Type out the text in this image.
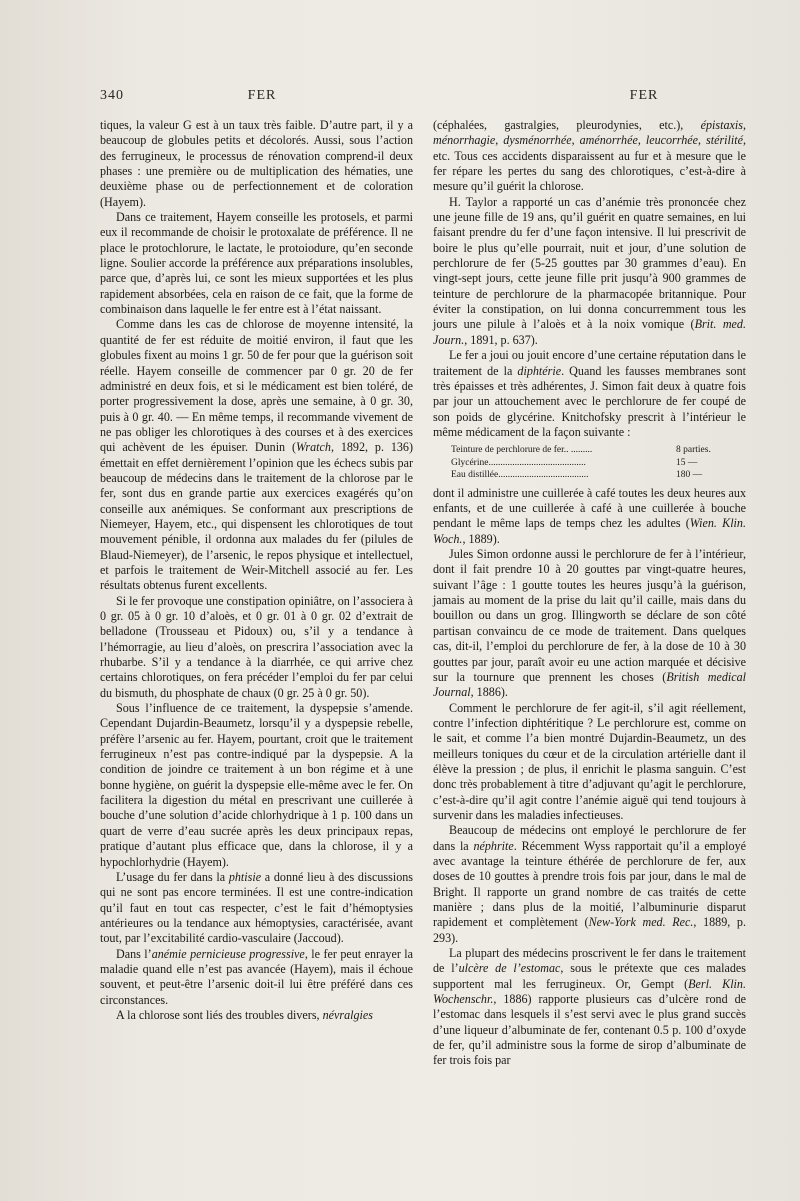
340	FER	FER

tiques, la valeur G est à un taux très faible. D’autre part, il y a beaucoup de globules petits et décolorés. Aussi, sous l’action des ferrugineux, le processus de rénovation comprend-il deux phases : une première ou de multiplication des hématies, une deuxième phase ou de perfectionnement et de coloration (Hayem).

Dans ce traitement, Hayem conseille les protosels, et parmi eux il recommande de choisir le protoxalate de préférence. Il ne place le protochlorure, le lactate, le protoiodure, qu’en seconde ligne. Soulier accorde la préférence aux préparations insolubles, parce que, d’après lui, ce sont les mieux supportées et les plus rapidement absorbées, cela en raison de ce fait, que la forme de combinaison dans laquelle le fer entre est à l’état naissant.

Comme dans les cas de chlorose de moyenne intensité, la quantité de fer est réduite de moitié environ, il faut que les globules fixent au moins 1 gr. 50 de fer pour que la guérison soit réelle. Hayem conseille de commencer par 0 gr. 20 de fer administré en deux fois, et si le médicament est bien toléré, de porter progressivement la dose, après une semaine, à 0 gr. 30, puis à 0 gr. 40. — En même temps, il recommande vivement de ne pas obliger les chlorotiques à des courses et à des exercices qui achèvent de les épuiser. Dunin (Wratch, 1892, p. 136) émettait en effet dernièrement l’opinion que les échecs subis par beaucoup de médecins dans le traitement de la chlorose par le fer, sont dus en grande partie aux exercices exagérés qu’on conseille aux anémiques. Se conformant aux prescriptions de Niemeyer, Hayem, etc., qui dispensent les chlorotiques de tout mouvement pénible, il ordonna aux malades du fer (pilules de Blaud-Niemeyer), de l’arsenic, le repos physique et intellectuel, et parfois le traitement de Weir-Mitchell associé au fer. Les résultats obtenus furent excellents.

Si le fer provoque une constipation opiniâtre, on l’associera à 0 gr. 05 à 0 gr. 10 d’aloès, et 0 gr. 01 à 0 gr. 02 d’extrait de belladone (Trousseau et Pidoux) ou, s’il y a tendance à l’hémorragie, au lieu d’aloès, on prescrira l’association avec la rhubarbe. S’il y a tendance à la diarrhée, ce qui arrive chez certains chlorotiques, on fera précéder l’emploi du fer par celui du bismuth, du phosphate de chaux (0 gr. 25 à 0 gr. 50).

Sous l’influence de ce traitement, la dyspepsie s’amende. Cependant Dujardin-Beaumetz, lorsqu’il y a dyspepsie rebelle, préfère l’arsenic au fer. Hayem, pourtant, croit que le traitement ferrugineux n’est pas contre-indiqué par la dyspepsie. A la condition de joindre ce traitement à un bon régime et à une bonne hygiène, on guérit la dyspepsie elle-même avec le fer. On facilitera la digestion du métal en prescrivant une cuillerée à bouche d’une solution d’acide chlorhydrique à 1 p. 100 dans un quart de verre d’eau sucrée après les deux principaux repas, pratique d’autant plus efficace que, dans la chlorose, il y a hypochlorhydrie (Hayem).

L’usage du fer dans la phtisie a donné lieu à des discussions qui ne sont pas encore terminées. Il est une contre-indication qu’il faut en tout cas respecter, c’est le fait d’hémoptysies antérieures ou la tendance aux hémoptysies, caractérisée, avant tout, par l’excitabilité cardio-vasculaire (Jaccoud).

Dans l’anémie pernicieuse progressive, le fer peut enrayer la maladie quand elle n’est pas avancée (Hayem), mais il échoue souvent, et peut-être l’arsenic doit-il lui être préféré dans ces circonstances.

A la chlorose sont liés des troubles divers, névralgies

(céphalées, gastralgies, pleurodynies, etc.), épistaxis, ménorrhagie, dysménorrhée, aménorrhée, leucorrhée, stérilité, etc. Tous ces accidents disparaissent au fur et à mesure que le fer répare les pertes du sang des chlorotiques, c’est-à-dire à mesure qu’il guérit la chlorose.

H. Taylor a rapporté un cas d’anémie très prononcée chez une jeune fille de 19 ans, qu’il guérit en quatre semaines, en lui faisant prendre du fer d’une façon intensive. Il lui prescrivit de boire le plus qu’elle pourrait, nuit et jour, d’une solution de perchlorure de fer (5-25 gouttes par 30 grammes d’eau). En vingt-sept jours, cette jeune fille prit jusqu’à 900 grammes de teinture de perchlorure de la pharmacopée britannique. Pour éviter la constipation, on lui donna concurremment tous les jours une pilule à l’aloès et à la noix vomique (Brit. med. Journ., 1891, p. 637).

Le fer a joui ou jouit encore d’une certaine réputation dans le traitement de la diphtérie. Quand les fausses membranes sont très épaisses et très adhérentes, J. Simon fait deux à quatre fois par jour un attouchement avec le perchlorure de fer coupé de son poids de glycérine. Knitchofsky prescrit à l’intérieur le même médicament de la façon suivante :

Teinture de perchlorure de fer.. .........	8 parties.
Glycérine.........................................	15 —
Eau distillée......................................	180 —

dont il administre une cuillerée à café toutes les deux heures aux enfants, et de une cuillerée à café à une cuillerée à bouche pendant le même laps de temps chez les adultes (Wien. Klin. Woch., 1889).

Jules Simon ordonne aussi le perchlorure de fer à l’intérieur, dont il fait prendre 10 à 20 gouttes par vingt-quatre heures, suivant l’âge : 1 goutte toutes les heures jusqu’à la guérison, jamais au moment de la prise du lait qu’il caille, mais dans du bouillon ou dans un grog. Illingworth se déclare de son côté partisan convaincu de ce mode de traitement. Dans quelques cas, dit-il, l’emploi du perchlorure de fer, à la dose de 10 à 30 gouttes par jour, paraît avoir eu une action marquée et décisive sur la tournure que prennent les choses (British medical Journal, 1886).

Comment le perchlorure de fer agit-il, s’il agit réellement, contre l’infection diphtéritique ? Le perchlorure est, comme on le sait, et comme l’a bien montré Dujardin-Beaumetz, un des meilleurs toniques du cœur et de la circulation artérielle dant il élève la pression ; de plus, il enrichit le plasma sanguin. C’est donc très probablement à titre d’adjuvant qu’agit le perchlorure, c’est-à-dire qu’il agit contre l’anémie aiguë qui tend toujours à survenir dans les maladies infectieuses.

Beaucoup de médecins ont employé le perchlorure de fer dans la néphrite. Récemment Wyss rapportait qu’il a employé avec avantage la teinture éthérée de perchlorure de fer, aux doses de 10 gouttes à prendre trois fois par jour, dans le mal de Bright. Il rapporte un grand nombre de cas traités de cette manière ; dans plus de la moitié, l’albuminurie disparut rapidement et complètement (New-York med. Rec., 1889, p. 293).

La plupart des médecins proscrivent le fer dans le traitement de l’ulcère de l’estomac, sous le prétexte que ces malades supportent mal les ferrugineux. Or, Gempt (Berl. Klin. Wochenschr., 1886) rapporte plusieurs cas d’ulcère rond de l’estomac dans lesquels il s’est servi avec le plus grand succès d’une liqueur d’albuminate de fer, contenant 0.5 p. 100 d’oxyde de fer, qu’il administre sous la forme de sirop d’albuminate de fer trois fois par
